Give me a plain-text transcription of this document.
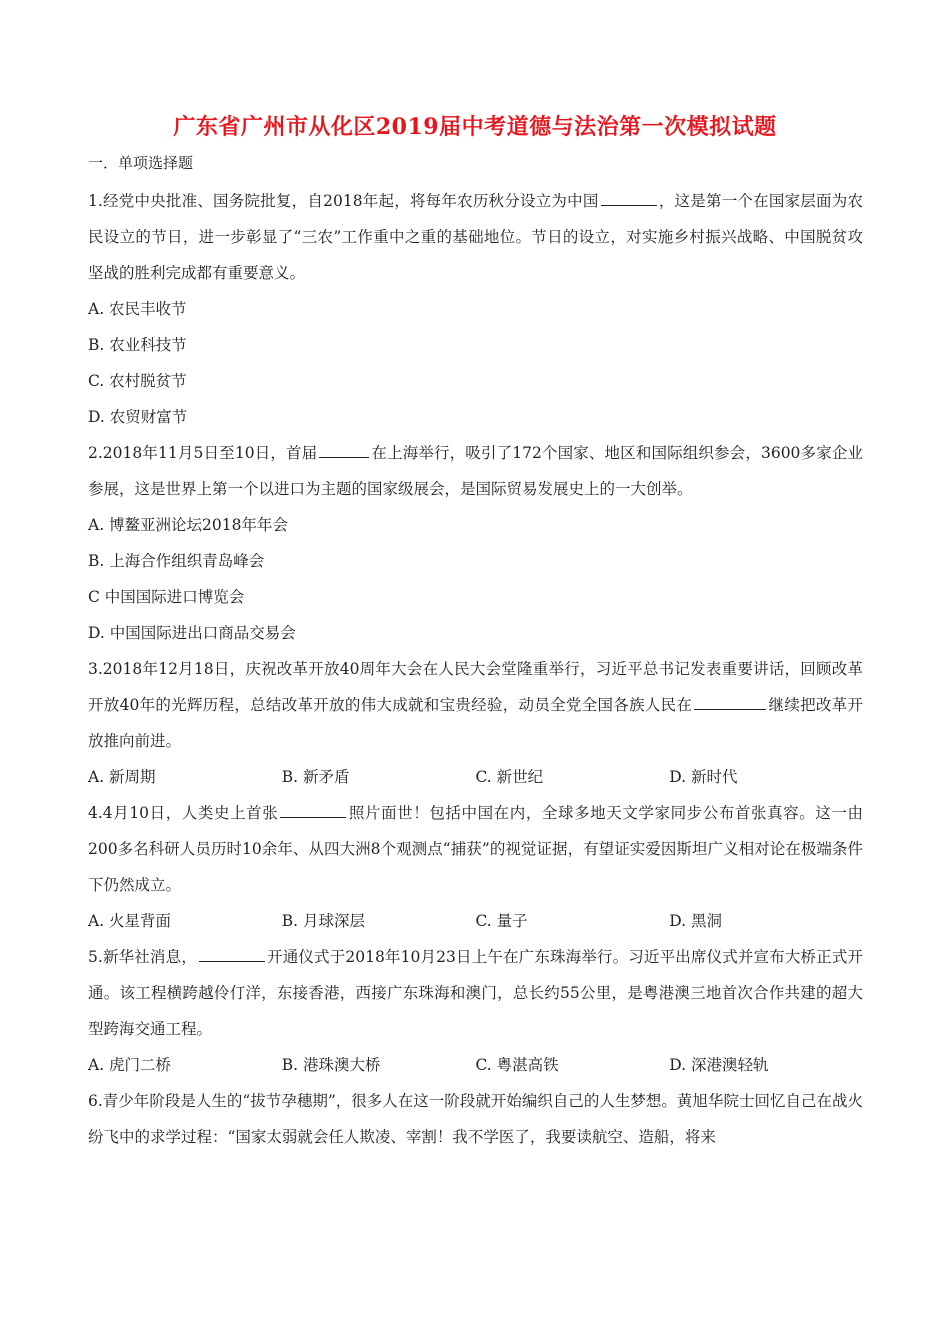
广东省广州市从化区2019届中考道德与法治第一次模拟试题

一．单项选择题

1.经党中央批准、国务院批复，自2018年起，将每年农历秋分设立为中国	，这是第一个在国家层面为农民设立的节日，进一步彰显了“三农”工作重中之重的基础地位。节日的设立，对实施乡村振兴战略、中国脱贫攻坚战的胜利完成都有重要意义。

A. 农民丰收节

B. 农业科技节

C. 农村脱贫节

D. 农贸财富节

2.2018年11月5日至10日，首届	在上海举行，吸引了172个国家、地区和国际组织参会，3600多家企业参展，这是世界上第一个以进口为主题的国家级展会，是国际贸易发展史上的一大创举。

A. 博鳌亚洲论坛2018年年会

B. 上海合作组织青岛峰会

C 中国国际进口博览会

D. 中国国际进出口商品交易会

3.2018年12月18日，庆祝改革开放40周年大会在人民大会堂隆重举行，习近平总书记发表重要讲话，回顾改革开放40年的光辉历程，总结改革开放的伟大成就和宝贵经验，动员全党全国各族人民在	继续把改革开放推向前进。

A. 新周期	B. 新矛盾	C. 新世纪	D. 新时代

4.4月10日，人类史上首张	照片面世！包括中国在内，全球多地天文学家同步公布首张真容。这一由200多名科研人员历时10余年、从四大洲8个观测点“捕获”的视觉证据，有望证实爱因斯坦广义相对论在极端条件下仍然成立。

A. 火星背面	B. 月球深层	C. 量子	D. 黑洞

5.新华社消息，	开通仪式于2018年10月23日上午在广东珠海举行。习近平出席仪式并宣布大桥正式开通。该工程横跨越伶仃洋，东接香港，西接广东珠海和澳门，总长约55公里，是粤港澳三地首次合作共建的超大型跨海交通工程。

A. 虎门二桥	B. 港珠澳大桥	C. 粤湛高铁	D. 深港澳轻轨

6.青少年阶段是人生的“拔节孕穗期”，很多人在这一阶段就开始编织自己的人生梦想。黄旭华院士回忆自己在战火纷飞中的求学过程：“国家太弱就会任人欺凌、宰割！我不学医了，我要读航空、造船，将来
